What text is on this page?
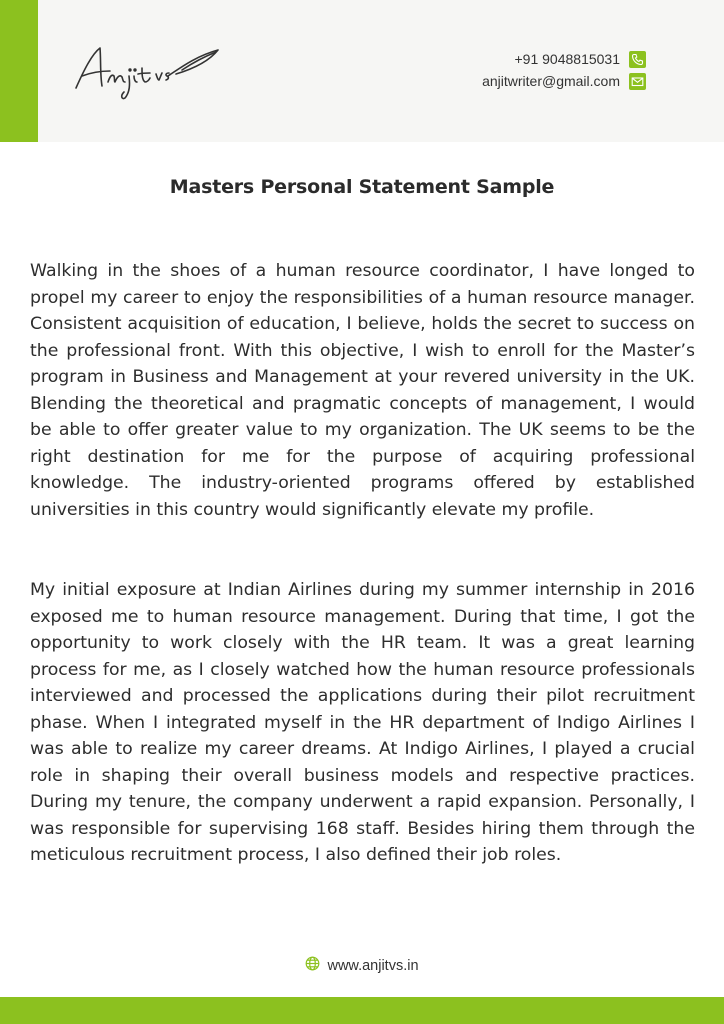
+91 9048815031
anjitwriter@gmail.com
Masters Personal Statement Sample

Walking in the shoes of a human resource coordinator, I have longed to propel my career to enjoy the responsibilities of a human resource manager. Consistent acquisition of education, I believe, holds the secret to success on the professional front. With this objective, I wish to enroll for the Master’s program in Business and Management at your revered university in the UK. Blending the theoretical and pragmatic concepts of management, I would be able to offer greater value to my organization. The UK seems to be the right destination for me for the purpose of acquiring professional knowledge. The industry-oriented programs offered by established universities in this country would significantly elevate my profile.

My initial exposure at Indian Airlines during my summer internship in 2016 exposed me to human resource management. During that time, I got the opportunity to work closely with the HR team. It was a great learning process for me, as I closely watched how the human resource professionals interviewed and processed the applications during their pilot recruitment phase. When I integrated myself in the HR department of Indigo Airlines I was able to realize my career dreams. At Indigo Airlines, I played a crucial role in shaping their overall business models and respective practices. During my tenure, the company underwent a rapid expansion. Personally, I was responsible for supervising 168 staff. Besides hiring them through the meticulous recruitment process, I also defined their job roles.

www.anjitvs.in
